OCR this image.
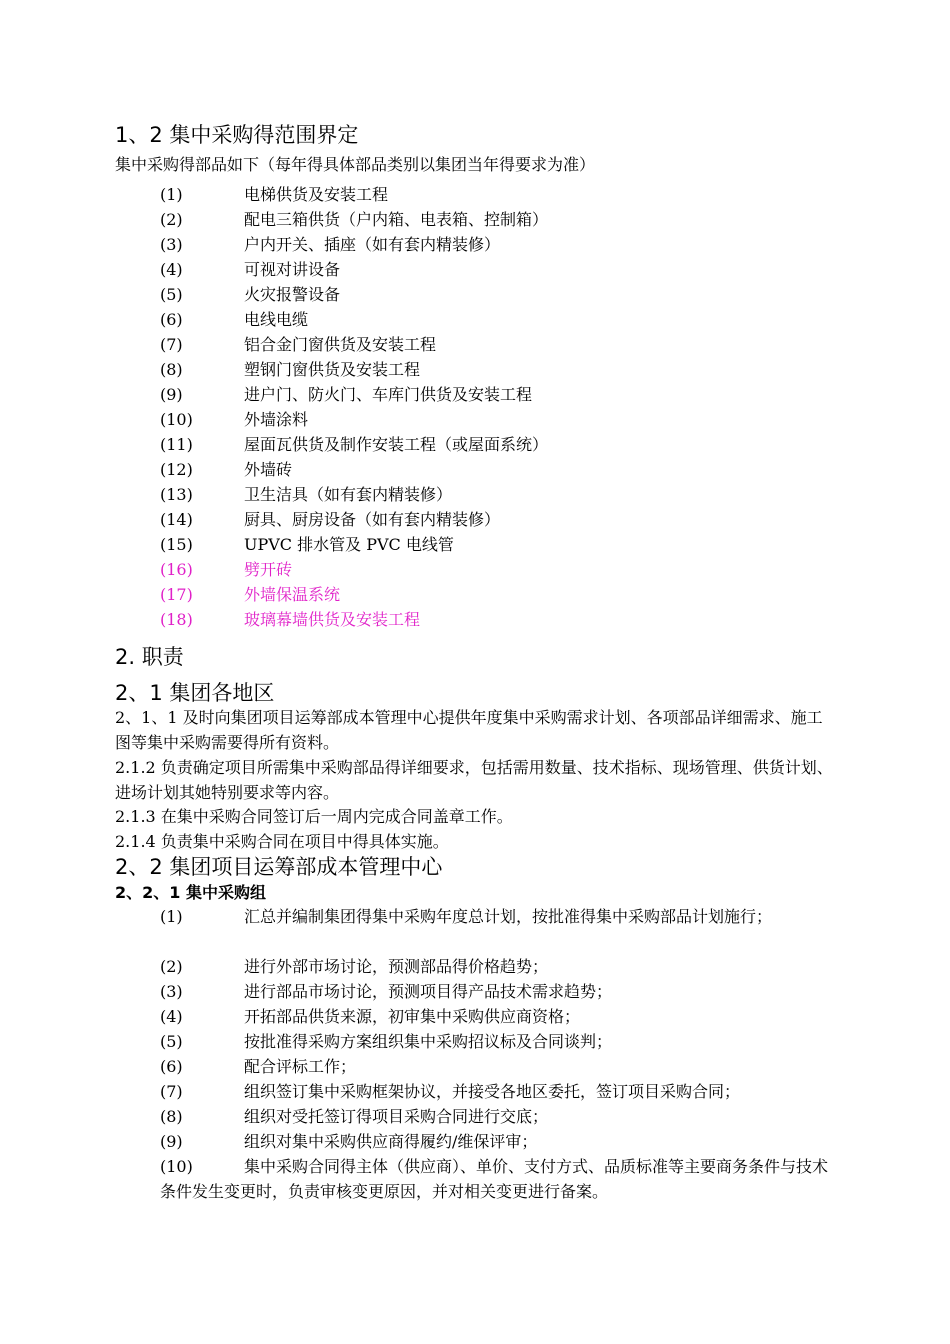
1、2 集中采购得范围界定

集中采购得部品如下（每年得具体部品类别以集团当年得要求为准）

(1)	电梯供货及安装工程
(2)	配电三箱供货（户内箱、电表箱、控制箱）
(3)	户内开关、插座（如有套内精装修）
(4)	可视对讲设备
(5)	火灾报警设备
(6)	电线电缆
(7)	铝合金门窗供货及安装工程
(8)	塑钢门窗供货及安装工程
(9)	进户门、防火门、车库门供货及安装工程
(10)	外墙涂料
(11)	屋面瓦供货及制作安装工程（或屋面系统）
(12)	外墙砖
(13)	卫生洁具（如有套内精装修）
(14)	厨具、厨房设备（如有套内精装修）
(15)	UPVC 排水管及 PVC 电线管
(16)	劈开砖
(17)	外墙保温系统
(18)	玻璃幕墙供货及安装工程
2. 职责
2、1 集团各地区

2、1、1 及时向集团项目运筹部成本管理中心提供年度集中采购需求计划、各项部品详细需求、施工图等集中采购需要得所有资料。

2.1.2 负责确定项目所需集中采购部品得详细要求，包括需用数量、技术指标、现场管理、供货计划、进场计划其她特别要求等内容。

2.1.3 在集中采购合同签订后一周内完成合同盖章工作。

2.1.4 负责集中采购合同在项目中得具体实施。

2、2 集团项目运筹部成本管理中心
2、2、1 集中采购组
(1)	汇总并编制集团得集中采购年度总计划，按批准得集中采购部品计划施行；
(2)	进行外部市场讨论，预测部品得价格趋势；
(3)	进行部品市场讨论，预测项目得产品技术需求趋势；
(4)	开拓部品供货来源，初审集中采购供应商资格；
(5)	按批准得采购方案组织集中采购招议标及合同谈判；
(6)	配合评标工作；
(7)	组织签订集中采购框架协议，并接受各地区委托，签订项目采购合同；
(8)	组织对受托签订得项目采购合同进行交底；
(9)	组织对集中采购供应商得履约/维保评审；
(10)	集中采购合同得主体（供应商）、单价、支付方式、品质标准等主要商务条件与技术条件发生变更时，负责审核变更原因，并对相关变更进行备案。
